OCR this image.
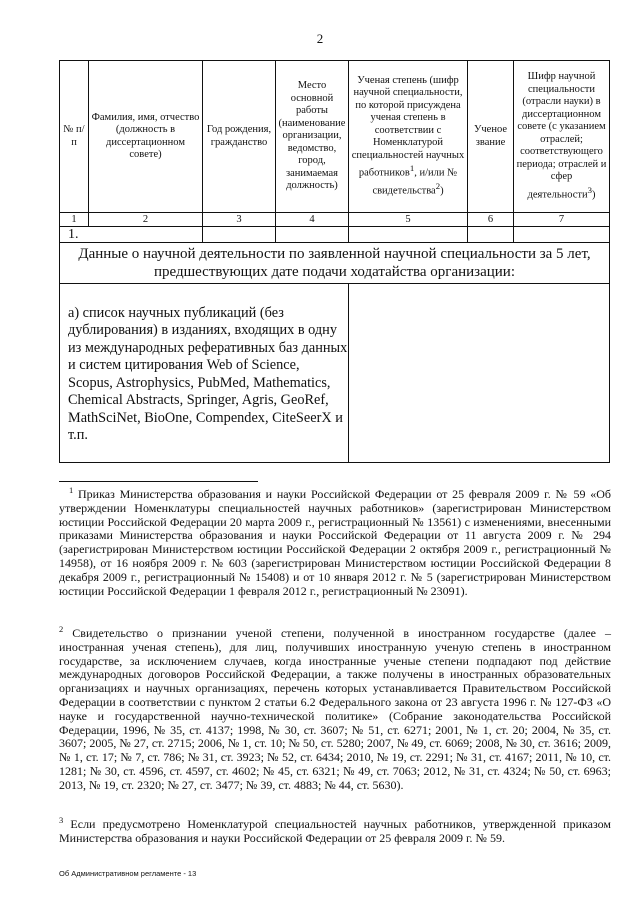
2
№ п/п	Фамилия, имя, отчество (должность в диссертационном совете)	Год рождения, гражданство	Место основной работы (наименование организации, ведомство, город, занимаемая должность)	Ученая степень (шифр научной специальности, по которой присуждена ученая степень в соответствии с Номенклатурой специальностей научных работников$^1$, и/или № свидетельства$^2$)	Ученое звание	Шифр научной специальности (отрасли науки) в диссертационном совете (с указанием отраслей; соответствующего периода; отраслей и сфер деятельности$^3$)

1	2	3	4	5	6	7
1.						
Данные о научной деятельности по заявленной научной специальности за 5 лет, предшествующих дате подачи ходатайства организации:						
а) список научных публикаций (без дублирования) в изданиях, входящих в одну из международных реферативных баз данных и систем цитирования Web of Science, Scopus, Astrophysics, PubMed, Mathematics, Chemical Abstracts, Springer, Agris, GeoRef, MathSciNet, BioOne, Compendex, CiteSeerX и т.п.						

$^1$ Приказ Министерства образования и науки Российской Федерации от 25 февраля 2009 г. № 59 «Об утверждении Номенклатуры специальностей научных работников» (зарегистрирован Министерством юстиции Российской Федерации 20 марта 2009 г., регистрационный № 13561) с изменениями, внесенными приказами Министерства образования и науки Российской Федерации от 11 августа 2009 г. № 294 (зарегистрирован Министерством юстиции Российской Федерации 2 октября 2009 г., регистрационный № 14958), от 16 ноября 2009 г. № 603 (зарегистрирован Министерством юстиции Российской Федерации 8 декабря 2009 г., регистрационный № 15408) и от 10 января 2012 г. № 5 (зарегистрирован Министерством юстиции Российской Федерации 1 февраля 2012 г., регистрационный № 23091).

$^2$ Свидетельство о признании ученой степени, полученной в иностранном государстве (далее – иностранная ученая степень), для лиц, получивших иностранную ученую степень в иностранном государстве, за исключением случаев, когда иностранные ученые степени подпадают под действие международных договоров Российской Федерации, а также получены в иностранных образовательных организациях и научных организациях, перечень которых устанавливается Правительством Российской Федерации в соответствии с пунктом 2 статьи 6.2 Федерального закона от 23 августа 1996 г. № 127-ФЗ «О науке и государственной научно-технической политике» (Собрание законодательства Российской Федерации, 1996, № 35, ст. 4137; 1998, № 30, ст. 3607; № 51, ст. 6271; 2001, № 1, ст. 20; 2004, № 35, ст. 3607; 2005, № 27, ст. 2715; 2006, № 1, ст. 10; № 50, ст. 5280; 2007, № 49, ст. 6069; 2008, № 30, ст. 3616; 2009, № 1, ст. 17; № 7, ст. 786; № 31, ст. 3923; № 52, ст. 6434; 2010, № 19, ст. 2291; № 31, ст. 4167; 2011, № 10, ст. 1281; № 30, ст. 4596, ст. 4597, ст. 4602; № 45, ст. 6321; № 49, ст. 7063; 2012, № 31, ст. 4324; № 50, ст. 6963; 2013, № 19, ст. 2320; № 27, ст. 3477; № 39, ст. 4883; № 44, ст. 5630).

$^3$ Если предусмотрено Номенклатурой специальностей научных работников, утвержденной приказом Министерства образования и науки Российской Федерации от 25 февраля 2009 г. № 59.

Об Административном регламенте - 13
